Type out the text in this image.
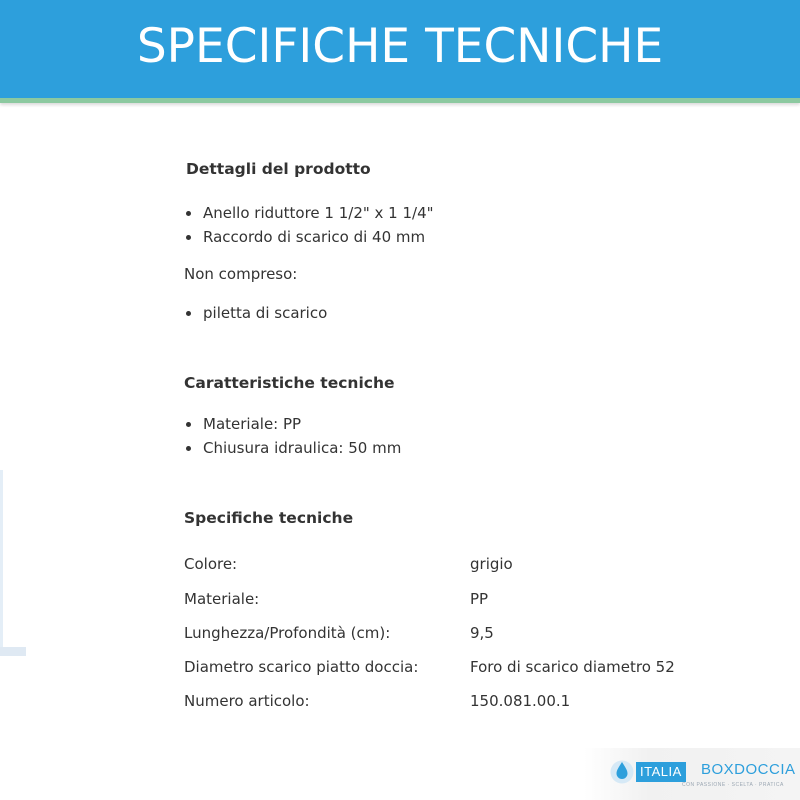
SPECIFICHE TECNICHE
Dettagli del prodotto
Anello riduttore 1 1/2" x 1 1/4"
Raccordo di scarico di 40 mm
Non compreso:
piletta di scarico
Caratteristiche tecniche
Materiale: PP
Chiusura idraulica: 50 mm
Specifiche tecniche
Colore:	grigio
Materiale:	PP
Lunghezza/Profondità (cm):	9,5
Diametro scarico piatto doccia:	Foro di scarico diametro 52
Numero articolo:	150.081.00.1
ITALIA BOXDOCCIA
CON PASSIONE · SCELTA · PRATICA
